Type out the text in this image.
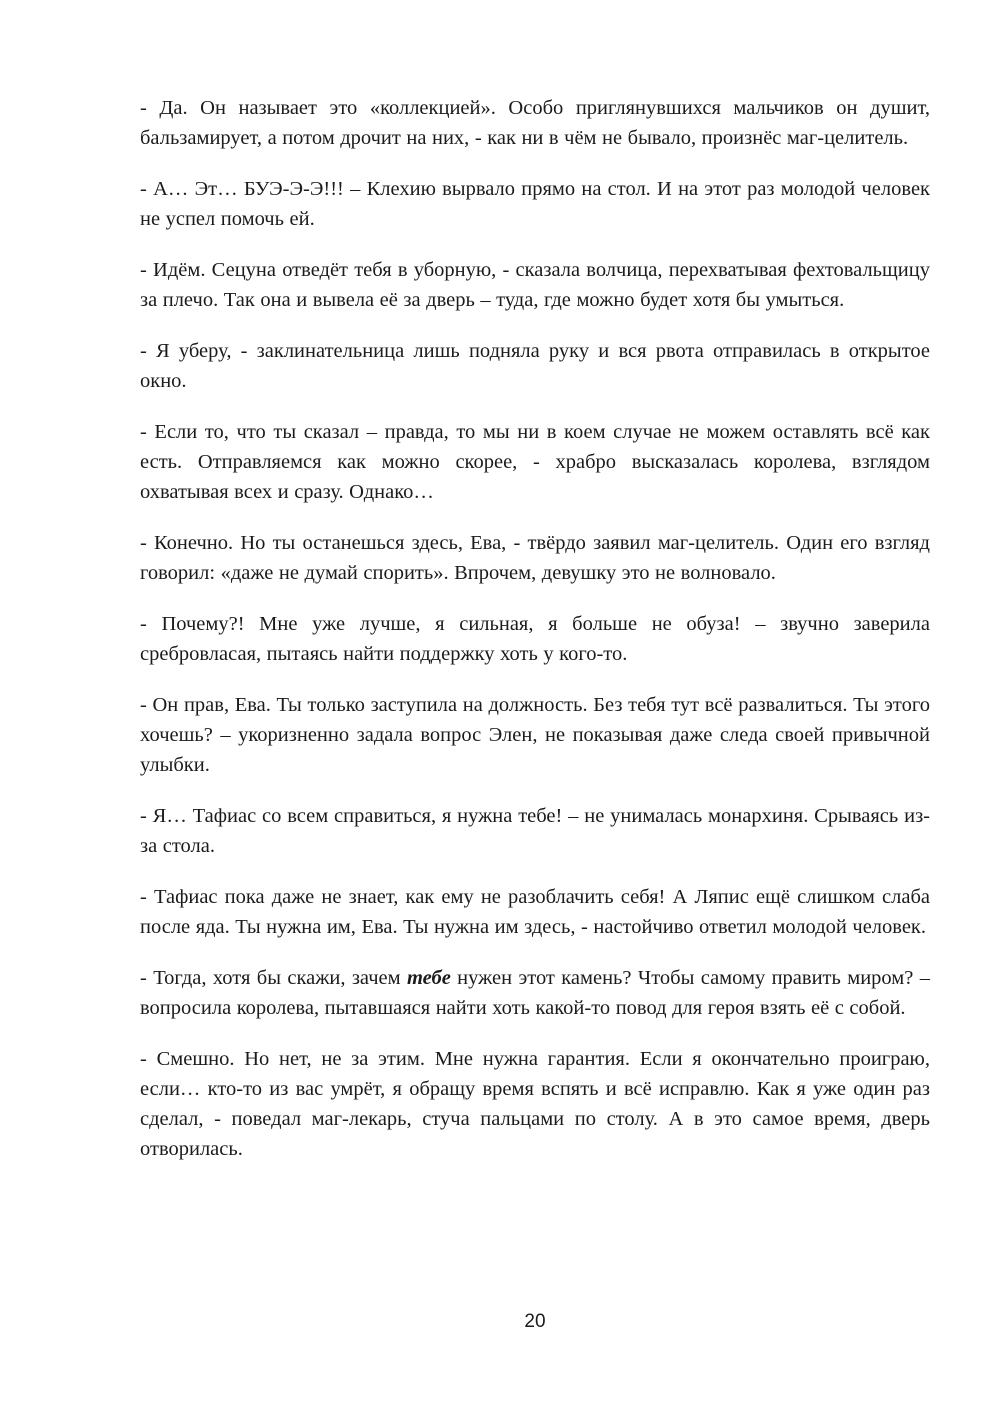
- Да. Он называет это «коллекцией». Особо приглянувшихся мальчиков он душит, бальзамирует, а потом дрочит на них, - как ни в чём не бывало, произнёс маг-целитель.

- А… Эт… БУЭ-Э-Э!!! – Клехию вырвало прямо на стол. И на этот раз молодой человек не успел помочь ей.

- Идём. Сецуна отведёт тебя в уборную, - сказала волчица, перехватывая фехтовальщицу за плечо. Так она и вывела её за дверь – туда, где можно будет хотя бы умыться.

- Я уберу, - заклинательница лишь подняла руку и вся рвота отправилась в открытое окно.

- Если то, что ты сказал – правда, то мы ни в коем случае не можем оставлять всё как есть. Отправляемся как можно скорее, - храбро высказалась королева, взглядом охватывая всех и сразу. Однако…

- Конечно. Но ты останешься здесь, Ева, - твёрдо заявил маг-целитель. Один его взгляд говорил: «даже не думай спорить». Впрочем, девушку это не волновало.

- Почему?! Мне уже лучше, я сильная, я больше не обуза! – звучно заверила сребровласая, пытаясь найти поддержку хоть у кого-то.

- Он прав, Ева. Ты только заступила на должность. Без тебя тут всё развалиться. Ты этого хочешь? – укоризненно задала вопрос Элен, не показывая даже следа своей привычной улыбки.

- Я… Тафиас со всем справиться, я нужна тебе! – не унималась монархиня. Срываясь из-за стола.

- Тафиас пока даже не знает, как ему не разоблачить себя! А Ляпис ещё слишком слаба после яда. Ты нужна им, Ева. Ты нужна им здесь, - настойчиво ответил молодой человек.

- Тогда, хотя бы скажи, зачем тебе нужен этот камень? Чтобы самому править миром? – вопросила королева, пытавшаяся найти хоть какой-то повод для героя взять её с собой.

- Смешно. Но нет, не за этим. Мне нужна гарантия. Если я окончательно проиграю, если… кто-то из вас умрёт, я обращу время вспять и всё исправлю. Как я уже один раз сделал, - поведал маг-лекарь, стуча пальцами по столу. А в это самое время, дверь отворилась.

20
